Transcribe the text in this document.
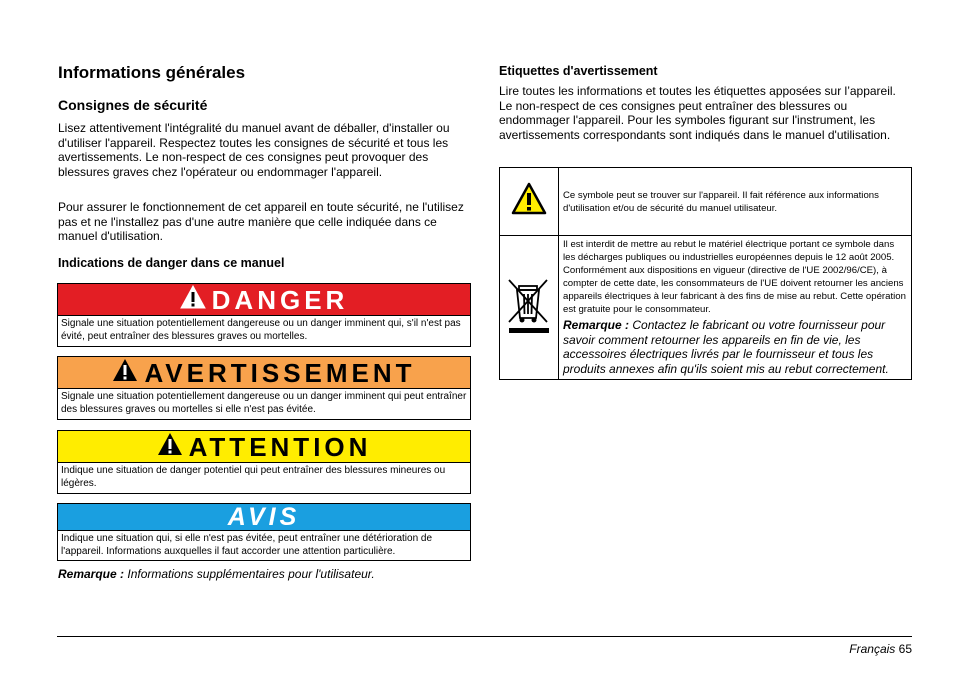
Informations générales
Consignes de sécurité
Lisez attentivement l'intégralité du manuel avant de déballer, d'installer ou d'utiliser l'appareil. Respectez toutes les consignes de sécurité et tous les avertissements. Le non-respect de ces consignes peut provoquer des blessures graves chez l'opérateur ou endommager l'appareil.
Pour assurer le fonctionnement de cet appareil en toute sécurité, ne l'utilisez pas et ne l'installez pas d'une autre manière que celle indiquée dans ce manuel d'utilisation.
Indications de danger dans ce manuel
DANGER
Signale une situation potentiellement dangereuse ou un danger imminent qui, s'il n'est pas évité, peut entraîner des blessures graves ou mortelles.
AVERTISSEMENT
Signale une situation potentiellement dangereuse ou un danger imminent qui peut entraîner des blessures graves ou mortelles si elle n'est pas évitée.
ATTENTION
Indique une situation de danger potentiel qui peut entraîner des blessures mineures ou légères.
AVIS
Indique une situation qui, si elle n'est pas évitée, peut entraîner une détérioration de l'appareil. Informations auxquelles il faut accorder une attention particulière.
Remarque : Informations supplémentaires pour l'utilisateur.
Etiquettes d'avertissement
Lire toutes les informations et toutes les étiquettes apposées sur l’appareil. Le non-respect de ces consignes peut entraîner des blessures ou endommager l'appareil. Pour les symboles figurant sur l'instrument, les avertissements correspondants sont indiqués dans le manuel d'utilisation.
	Ce symbole peut se trouver sur l'appareil. Il fait référence aux informations d'utilisation et/ou de sécurité du manuel utilisateur.

Il est interdit de mettre au rebut le matériel électrique portant ce symbole dans les décharges publiques ou industrielles européennes depuis le 12 août 2005. Conformément aux dispositions en vigueur (directive de l'UE 2002/96/CE), à compter de cette date, les consommateurs de l'UE doivent retourner les anciens appareils électriques à leur fabricant à des fins de mise au rebut. Cette opération est gratuite pour le consommateur.
Remarque : Contactez le fabricant ou votre fournisseur pour savoir comment retourner les appareils en fin de vie, les accessoires électriques livrés par le fournisseur et tous les produits annexes afin qu'ils soient mis au rebut correctement.
Français 65
